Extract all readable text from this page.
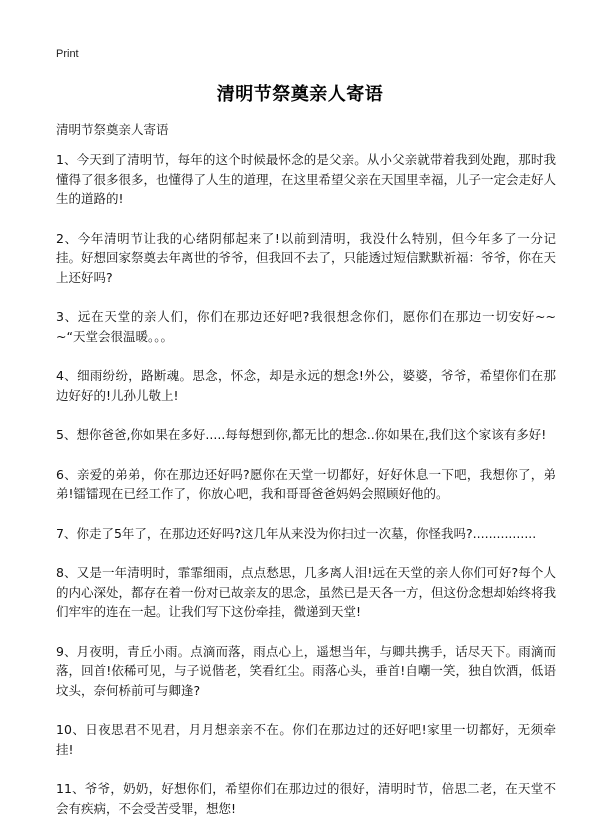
Print
清明节祭奠亲人寄语
清明节祭奠亲人寄语

1、今天到了清明节，每年的这个时候最怀念的是父亲。从小父亲就带着我到处跑，那时我懂得了很多很多，也懂得了人生的道理，在这里希望父亲在天国里幸福，儿子一定会走好人生的道路的!

2、今年清明节让我的心绪阴郁起来了!以前到清明，我没什么特别，但今年多了一分记挂。好想回家祭奠去年离世的爷爷，但我回不去了，只能透过短信默默祈福：爷爷，你在天上还好吗?

3、远在天堂的亲人们，你们在那边还好吧?我很想念你们，愿你们在那边一切安好~~~“天堂会很温暖。。。

4、细雨纷纷，路断魂。思念，怀念，却是永远的想念!外公，婆婆，爷爷，希望你们在那边好好的!儿孙儿敬上!

5、想你爸爸,你如果在多好.....每每想到你,都无比的想念..你如果在,我们这个家该有多好!

6、亲爱的弟弟，你在那边还好吗?愿你在天堂一切都好，好好休息一下吧，我想你了，弟弟!镭镭现在已经工作了，你放心吧，我和哥哥爸爸妈妈会照顾好他的。

7、你走了5年了，在那边还好吗?这几年从来没为你扫过一次墓，你怪我吗?................

8、又是一年清明时，霏霏细雨，点点愁思，几多离人泪!远在天堂的亲人你们可好?每个人的内心深处，都存在着一份对已故亲友的思念，虽然已是天各一方，但这份念想却始终将我们牢牢的连在一起。让我们写下这份牵挂，微递到天堂!

9、月夜明，青丘小雨。点滴而落，雨点心上，遥想当年，与卿共携手，话尽天下。雨滴而落，回首!依稀可见，与子说偕老，笑看红尘。雨落心头，垂首!自嘲一笑，独自饮酒，低语坟头，奈何桥前可与卿逢?

10、日夜思君不见君，月月想亲亲不在。你们在那边过的还好吧!家里一切都好，无须牵挂!

11、爷爷，奶奶，好想你们，希望你们在那边过的很好，清明时节，倍思二老，在天堂不会有疾病，不会受苦受罪，想您!
